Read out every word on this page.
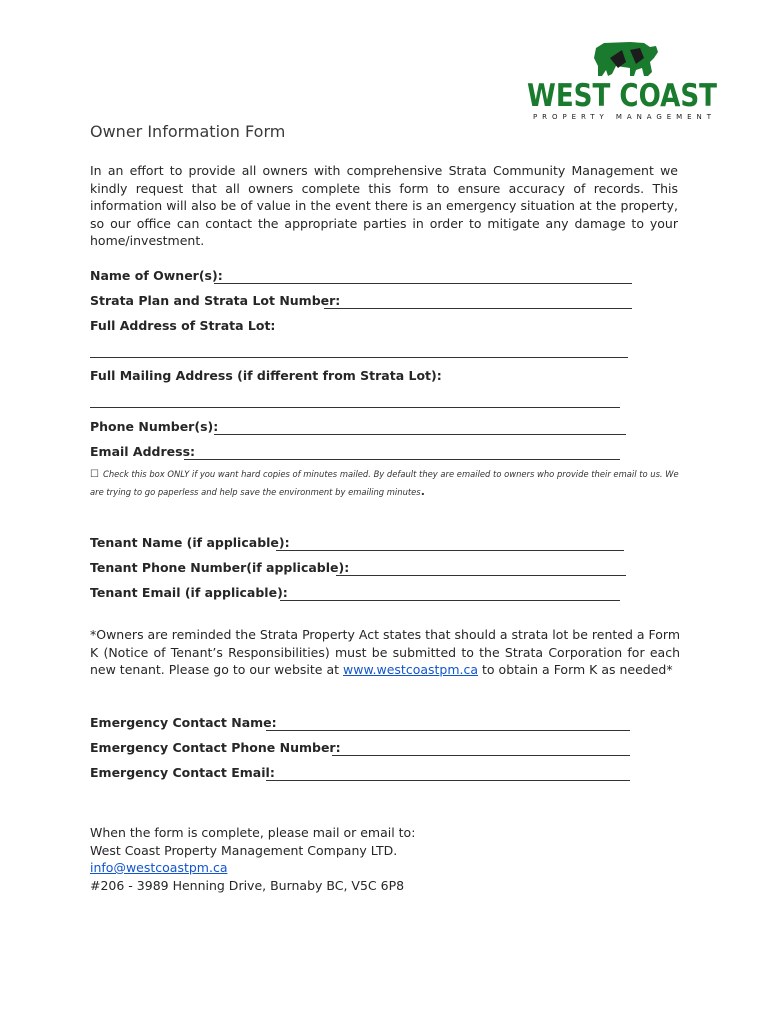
WEST COAST
PROPERTY MANAGEMENT
Owner Information Form

In an effort to provide all owners with comprehensive Strata Community Management we kindly request that all owners complete this form to ensure accuracy of records. This information will also be of value in the event there is an emergency situation at the property, so our office can contact the appropriate parties in order to mitigate any damage to your home/investment.

Name of Owner(s):
Strata Plan and Strata Lot Number:
Full Address of Strata Lot:
Full Mailing Address (if different from Strata Lot):
Phone Number(s):
Email Address:
☐ Check this box ONLY if you want hard copies of minutes mailed. By default they are emailed to owners who provide their email to us. We are trying to go paperless and help save the environment by emailing minutes.
Tenant Name (if applicable):
Tenant Phone Number(if applicable):
Tenant Email (if applicable):

*Owners are reminded the Strata Property Act states that should a strata lot be rented a Form K (Notice of Tenant’s Responsibilities) must be submitted to the Strata Corporation for each new tenant. Please go to our website at www.westcoastpm.ca to obtain a Form K as needed*

Emergency Contact Name:
Emergency Contact Phone Number:
Emergency Contact Email:
When the form is complete, please mail or email to:
West Coast Property Management Company LTD.
info@westcoastpm.ca
#206 - 3989 Henning Drive, Burnaby BC, V5C 6P8
